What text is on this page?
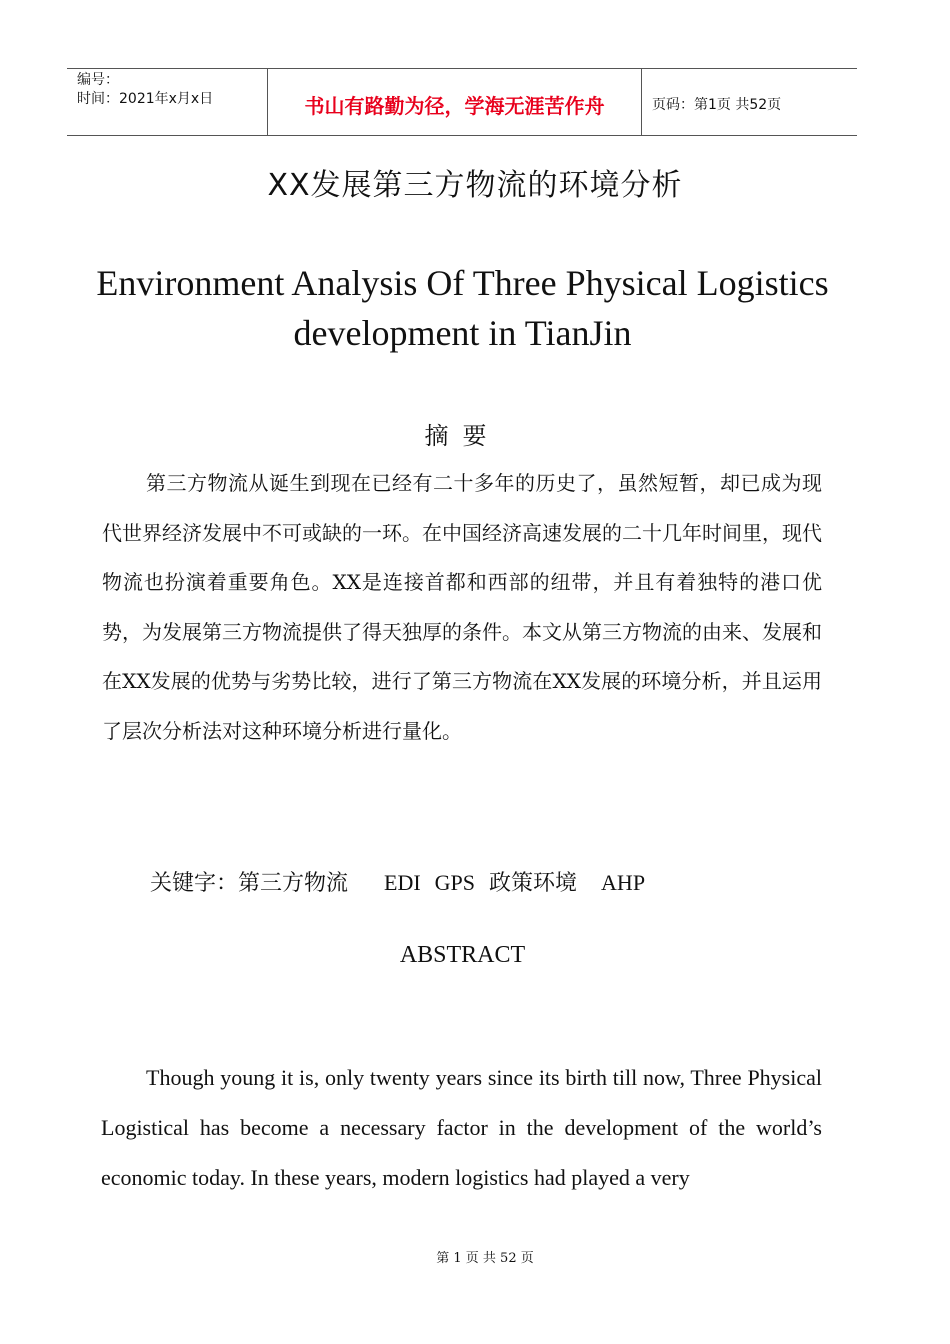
编号：
时间：2021年x月x日	书山有路勤为径，学海无涯苦作舟	页码：第1页 共52页
XX发展第三方物流的环境分析
Environment Analysis Of Three Physical Logistics
development in TianJin
摘要

第三方物流从诞生到现在已经有二十多年的历史了，虽然短暂，却已成为现代世界经济发展中不可或缺的一环。在中国经济高速发展的二十几年时间里，现代物流也扮演着重要角色。XX是连接首都和西部的纽带，并且有着独特的港口优势，为发展第三方物流提供了得天独厚的条件。本文从第三方物流的由来、发展和在XX发展的优势与劣势比较，进行了第三方物流在XX发展的环境分析，并且运用了层次分析法对这种环境分析进行量化。

关键字：第三方物流 EDI GPS 政策环境 AHP
ABSTRACT

Though young it is, only twenty years since its birth till now, Three Physical Logistical has become a necessary factor in the development of the world’s economic today. In these years, modern logistics had played a very

第 1 页 共 52 页
